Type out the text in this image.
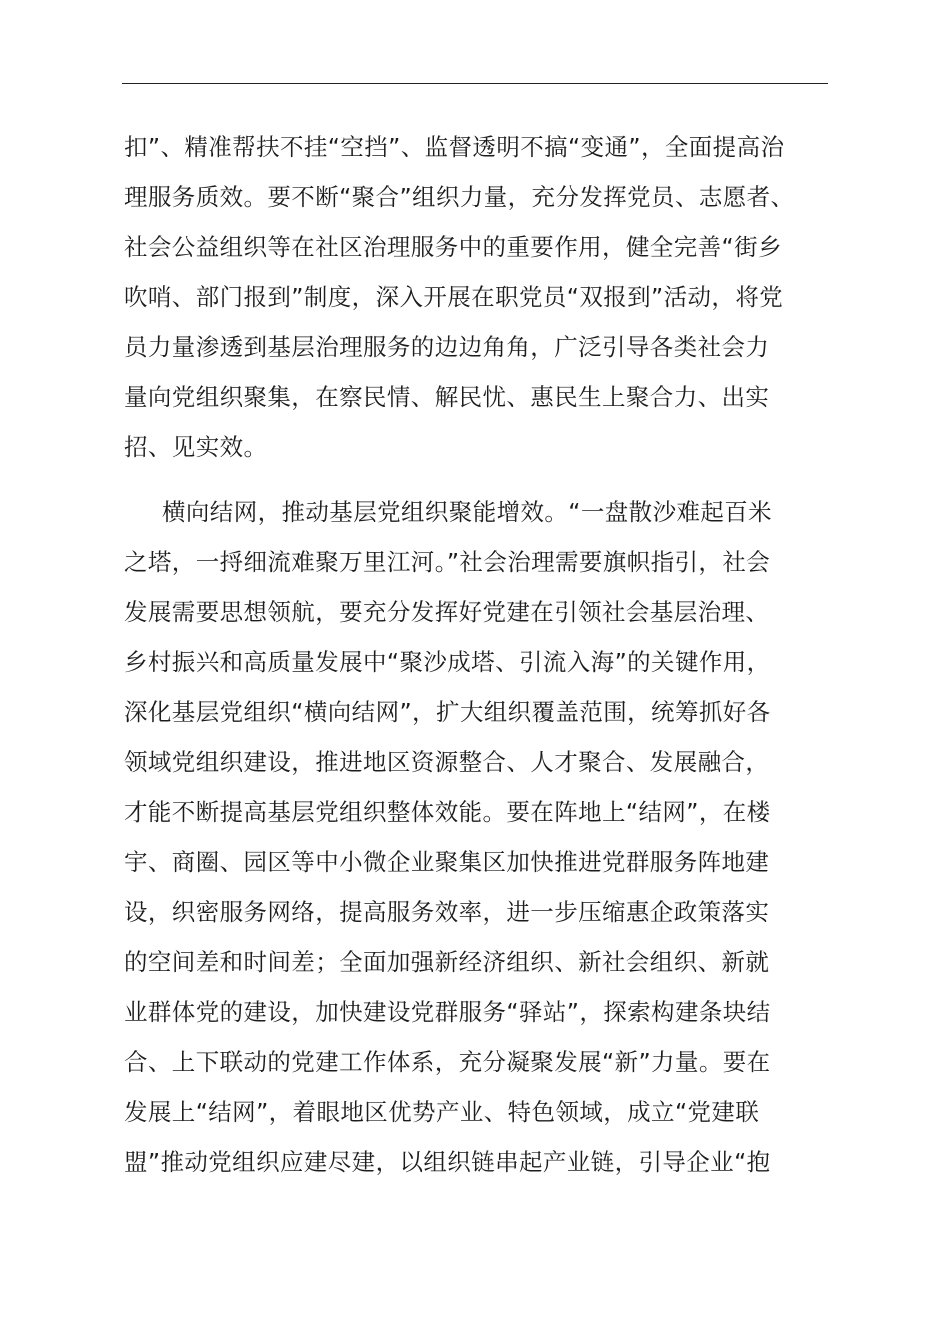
扣”、精准帮扶不挂“空挡”、监督透明不搞“变通”，全面提高治
理服务质效。要不断“聚合”组织力量，充分发挥党员、志愿者、
社会公益组织等在社区治理服务中的重要作用，健全完善“街乡
吹哨、部门报到”制度，深入开展在职党员“双报到”活动，将党
员力量渗透到基层治理服务的边边角角，广泛引导各类社会力
量向党组织聚集，在察民情、解民忧、惠民生上聚合力、出实
招、见实效。

横向结网，推动基层党组织聚能增效。“一盘散沙难起百米
之塔，一捋细流难聚万里江河。”社会治理需要旗帜指引，社会
发展需要思想领航，要充分发挥好党建在引领社会基层治理、
乡村振兴和高质量发展中“聚沙成塔、引流入海”的关键作用，
深化基层党组织“横向结网”，扩大组织覆盖范围，统筹抓好各
领域党组织建设，推进地区资源整合、人才聚合、发展融合，
才能不断提高基层党组织整体效能。要在阵地上“结网”，在楼
宇、商圈、园区等中小微企业聚集区加快推进党群服务阵地建
设，织密服务网络，提高服务效率，进一步压缩惠企政策落实
的空间差和时间差；全面加强新经济组织、新社会组织、新就
业群体党的建设，加快建设党群服务“驿站”，探索构建条块结
合、上下联动的党建工作体系，充分凝聚发展“新”力量。要在
发展上“结网”，着眼地区优势产业、特色领域，成立“党建联
盟”推动党组织应建尽建，以组织链串起产业链，引导企业“抱
